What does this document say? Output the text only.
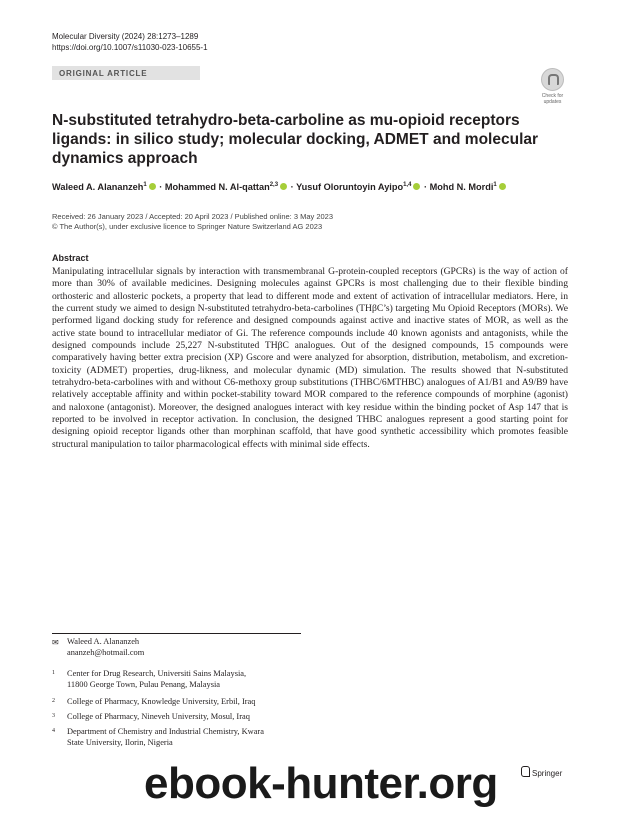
Molecular Diversity (2024) 28:1273–1289
https://doi.org/10.1007/s11030-023-10655-1
ORIGINAL ARTICLE
Check for
updates
N-substituted tetrahydro-beta-carboline as mu-opioid receptors ligands: in silico study; molecular docking, ADMET and molecular dynamics approach
Waleed A. Alananzeh$^1$ · Mohammed N. Al-qattan$^{2,3}$ · Yusuf Oloruntoyin Ayipo$^{1,4}$ · Mohd N. Mordi$^1$
Received: 26 January 2023 / Accepted: 20 April 2023 / Published online: 3 May 2023
© The Author(s), under exclusive licence to Springer Nature Switzerland AG 2023
Abstract
Manipulating intracellular signals by interaction with transmembranal G-protein-coupled receptors (GPCRs) is the way of action of more than 30% of available medicines. Designing molecules against GPCRs is most challenging due to their flexible binding orthosteric and allosteric pockets, a property that lead to different mode and extent of activation of intracellular mediators. Here, in the current study we aimed to design N-substituted tetrahydro-beta-carbolines (THβC’s) targeting Mu Opioid Receptors (MORs). We performed ligand docking study for reference and designed compounds against active and inactive states of MOR, as well as the active state bound to intracellular mediator of Gi. The reference compounds include 40 known agonists and antagonists, while the designed compounds include 25,227 N-substituted THβC analogues. Out of the designed compounds, 15 compounds were comparatively having better extra precision (XP) Gscore and were analyzed for absorption, distribution, metabolism, and excretion-toxicity (ADMET) properties, drug-likness, and molecular dynamic (MD) simulation. The results showed that N-substituted tetrahydro-beta-carbolines with and without C6-methoxy group substitutions (THBC/6MTHBC) analogues of A1/B1 and A9/B9 have relatively acceptable affinity and within pocket-stability toward MOR compared to the reference compounds of morphine (agonist) and naloxone (antagonist). Moreover, the designed analogues interact with key residue within the binding pocket of Asp 147 that is reported to be involved in receptor activation. In conclusion, the designed THBC analogues represent a good starting point for designing opioid receptor ligands other than morphinan scaffold, that have good synthetic accessibility which promotes feasible structural manipulation to tailor pharmacological effects with minimal side effects.
✉ Waleed A. Alananzeh
ananzeh@hotmail.com
1 Center for Drug Research, Universiti Sains Malaysia,
11800 George Town, Pulau Penang, Malaysia
2 College of Pharmacy, Knowledge University, Erbil, Iraq
3 College of Pharmacy, Nineveh University, Mosul, Iraq
4 Department of Chemistry and Industrial Chemistry, Kwara
State University, Ilorin, Nigeria
Springer
ebook-hunter.org
